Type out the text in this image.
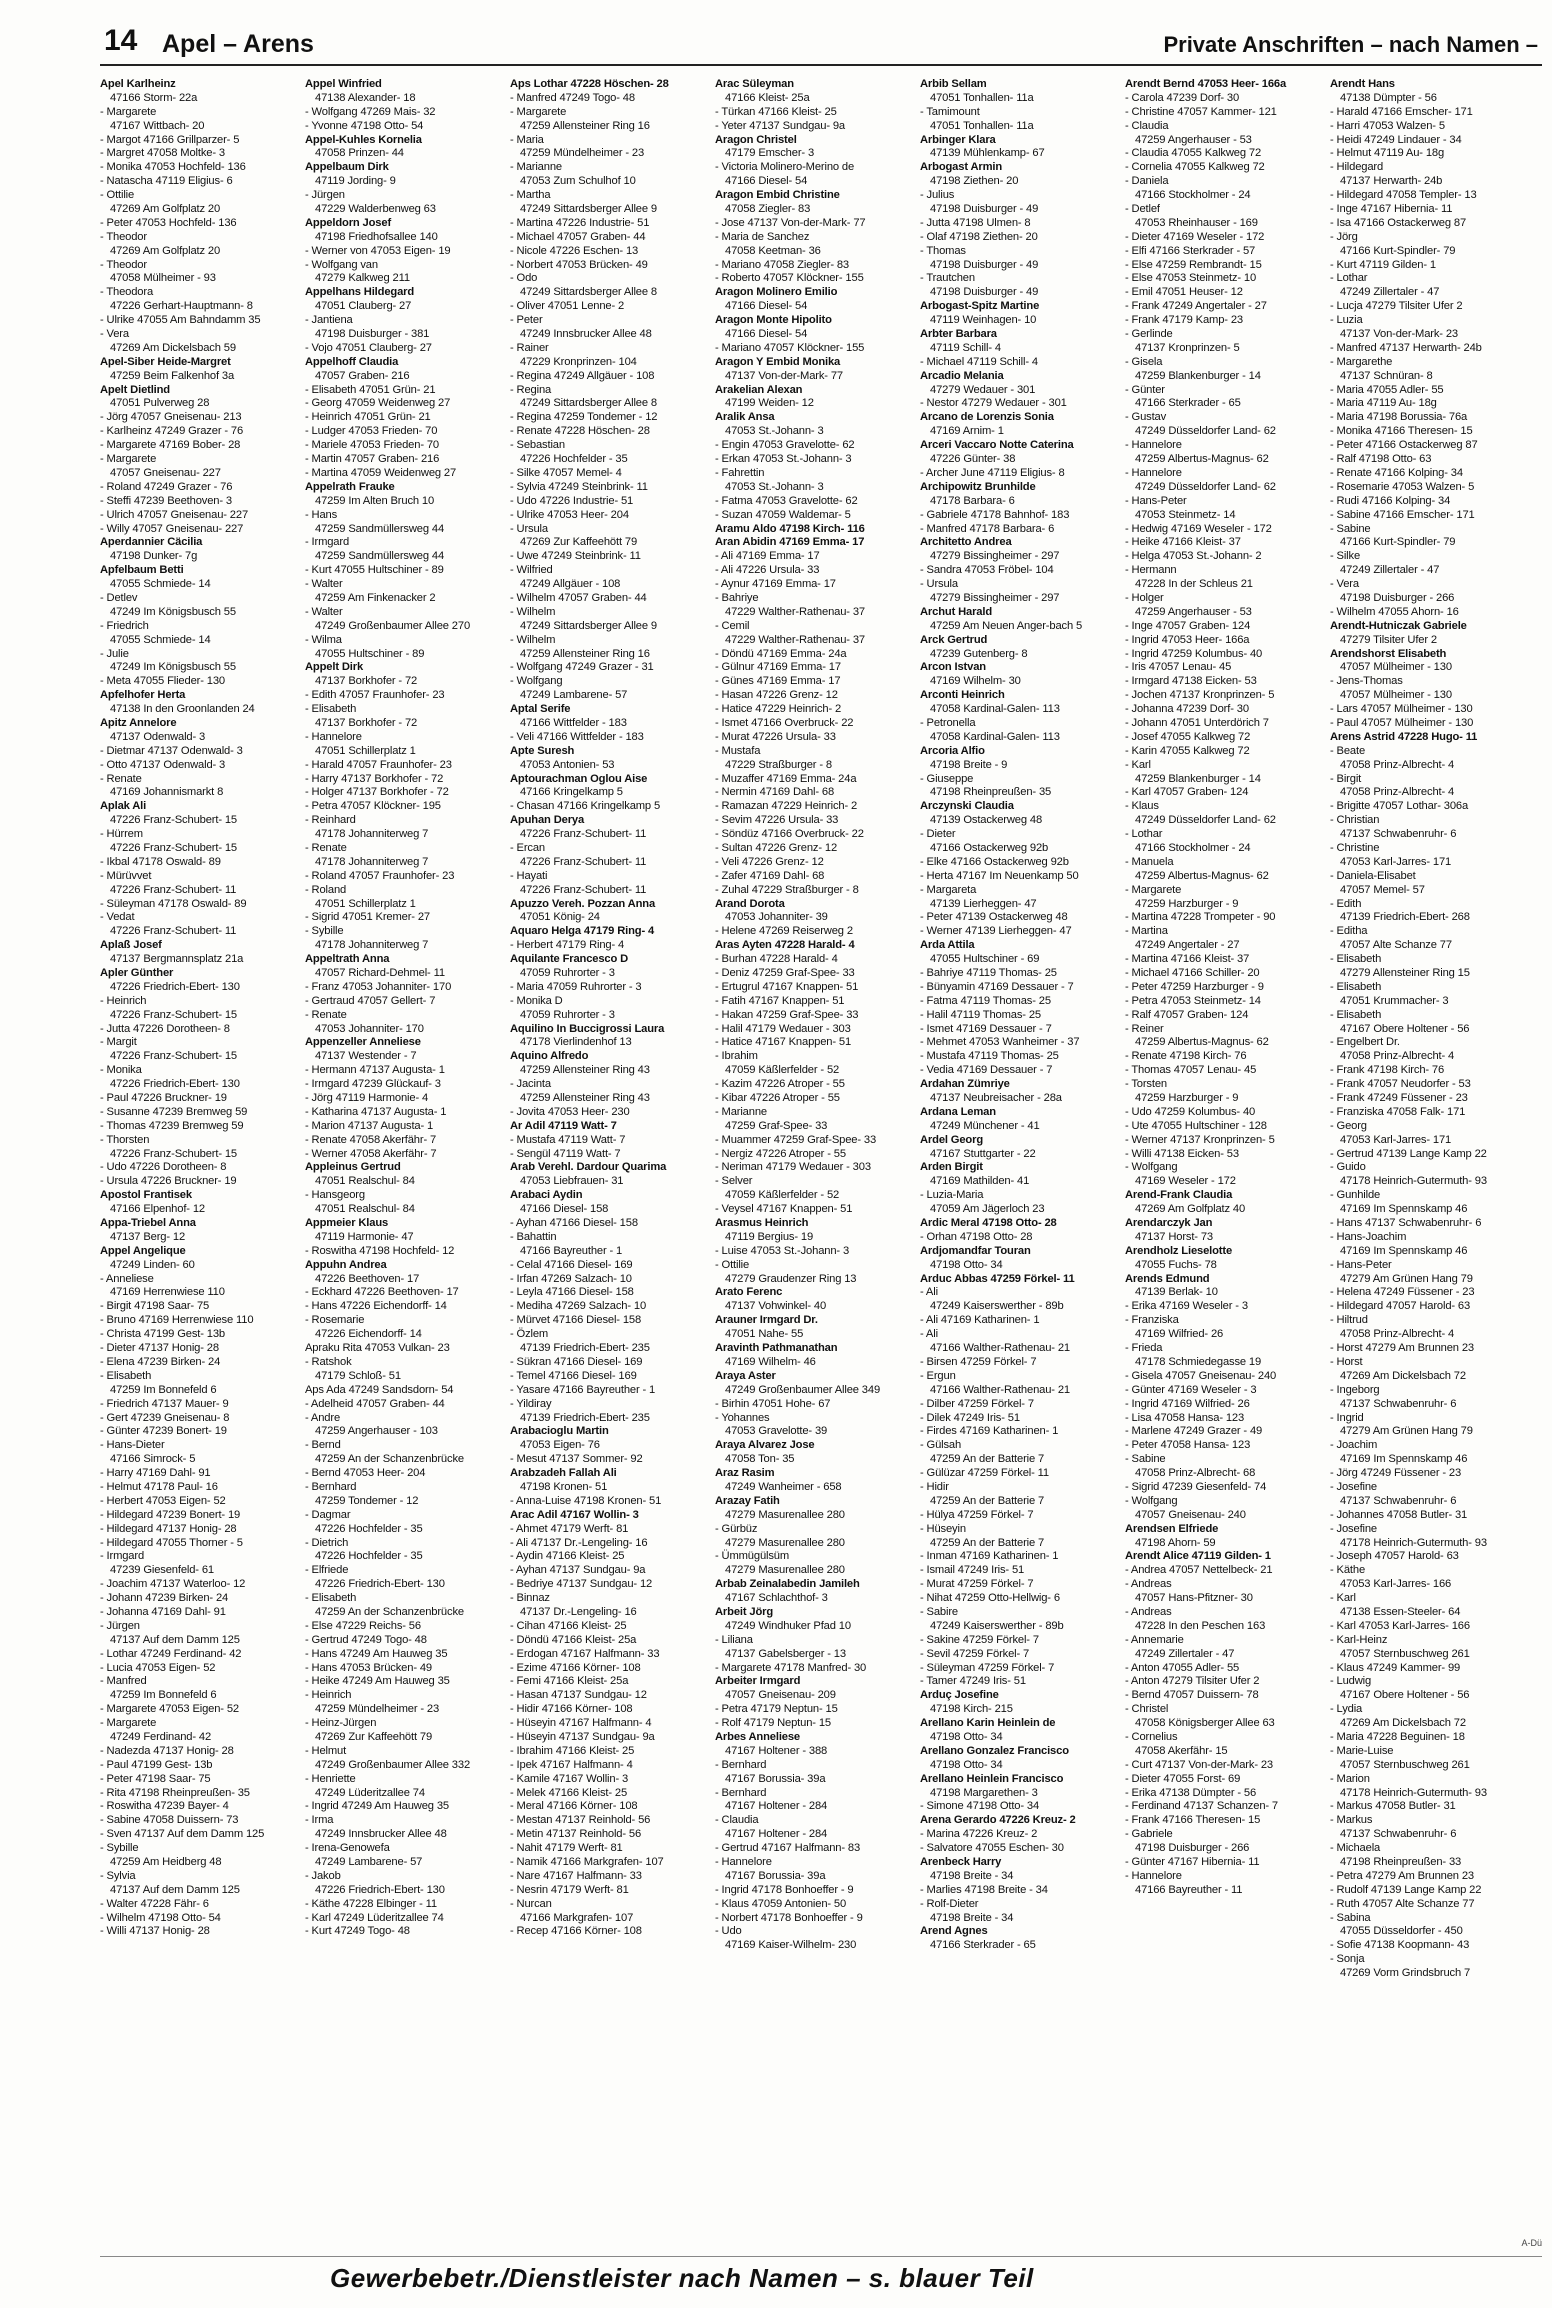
14 Apel – Arens	Private Anschriften – nach Namen –
Apel Karlheinz
47166 Storm- 22a
- Margarete
47167 Wittbach- 20
- Margot 47166 Grillparzer- 5
- Margret 47058 Moltke- 3
- Monika 47053 Hochfeld- 136
- Natascha 47119 Eligius- 6
- Ottilie
47269 Am Golfplatz 20
- Peter 47053 Hochfeld- 136
- Theodor
47269 Am Golfplatz 20
- Theodor
47058 Mülheimer - 93
- Theodora
47226 Gerhart-Hauptmann- 8
- Ulrike 47055 Am Bahndamm 35
- Vera
47269 Am Dickelsbach 59
Apel-Siber Heide-Margret
47259 Beim Falkenhof 3a
Apelt Dietlind
47051 Pulverweg 28
- Jörg 47057 Gneisenau- 213
- Karlheinz 47249 Grazer - 76
- Margarete 47169 Bober- 28
- Margarete
47057 Gneisenau- 227
- Roland 47249 Grazer - 76
- Steffi 47239 Beethoven- 3
- Ulrich 47057 Gneisenau- 227
- Willy 47057 Gneisenau- 227
Aperdannier Cäcilia
47198 Dunker- 7g
Apfelbaum Betti
47055 Schmiede- 14
- Detlev
47249 Im Königsbusch 55
- Friedrich
47055 Schmiede- 14
- Julie
47249 Im Königsbusch 55
- Meta 47055 Flieder- 130
Apfelhofer Herta
47138 In den Groonlanden 24
Apitz Annelore
47137 Odenwald- 3
- Dietmar 47137 Odenwald- 3
- Otto 47137 Odenwald- 3
- Renate
47169 Johannismarkt 8
Aplak Ali
47226 Franz-Schubert- 15
- Hürrem
47226 Franz-Schubert- 15
- Ikbal 47178 Oswald- 89
- Mürüvvet
47226 Franz-Schubert- 11
- Süleyman 47178 Oswald- 89
- Vedat
47226 Franz-Schubert- 11
Aplaß Josef
47137 Bergmannsplatz 21a
Apler Günther
47226 Friedrich-Ebert- 130
- Heinrich
47226 Franz-Schubert- 15
- Jutta 47226 Dorotheen- 8
- Margit
47226 Franz-Schubert- 15
- Monika
47226 Friedrich-Ebert- 130
- Paul 47226 Bruckner- 19
- Susanne 47239 Bremweg 59
- Thomas 47239 Bremweg 59
- Thorsten
47226 Franz-Schubert- 15
- Udo 47226 Dorotheen- 8
- Ursula 47226 Bruckner- 19
Apostol Frantisek
47166 Elpenhof- 12
Appa-Triebel Anna
47137 Berg- 12
Appel Angelique
47249 Linden- 60
- Anneliese
47169 Herrenwiese 110
- Birgit 47198 Saar- 75
- Bruno 47169 Herrenwiese 110
- Christa 47199 Gest- 13b
- Dieter 47137 Honig- 28
- Elena 47239 Birken- 24
- Elisabeth
47259 Im Bonnefeld 6
- Friedrich 47137 Mauer- 9
- Gert 47239 Gneisenau- 8
- Günter 47239 Bonert- 19
- Hans-Dieter
47166 Simrock- 5
- Harry 47169 Dahl- 91
- Helmut 47178 Paul- 16
- Herbert 47053 Eigen- 52
- Hildegard 47239 Bonert- 19
- Hildegard 47137 Honig- 28
- Hildegard 47055 Thorner - 5
- Irmgard
47239 Giesenfeld- 61
- Joachim 47137 Waterloo- 12
- Johann 47239 Birken- 24
- Johanna 47169 Dahl- 91
- Jürgen
47137 Auf dem Damm 125
- Lothar 47249 Ferdinand- 42
- Lucia 47053 Eigen- 52
- Manfred
47259 Im Bonnefeld 6
- Margarete 47053 Eigen- 52
- Margarete
47249 Ferdinand- 42
- Nadezda 47137 Honig- 28
- Paul 47199 Gest- 13b
- Peter 47198 Saar- 75
- Rita 47198 Rheinpreußen- 35
- Roswitha 47239 Bayer- 4
- Sabine 47058 Duissern- 73
- Sven 47137 Auf dem Damm 125
- Sybille
47259 Am Heidberg 48
- Sylvia
47137 Auf dem Damm 125
- Walter 47228 Fähr- 6
- Wilhelm 47198 Otto- 54
- Willi 47137 Honig- 28
Appel Winfried
47138 Alexander- 18
- Wolfgang 47269 Mais- 32
- Yvonne 47198 Otto- 54
Appel-Kuhles Kornelia
47058 Prinzen- 44
Appelbaum Dirk
47119 Jording- 9
- Jürgen
47229 Walderbenweg 63
Appeldorn Josef
47198 Friedhofsallee 140
- Werner von 47053 Eigen- 19
- Wolfgang van
47279 Kalkweg 211
Appelhans Hildegard
47051 Clauberg- 27
- Jantiena
47198 Duisburger - 381
- Vojo 47051 Clauberg- 27
Appelhoff Claudia
47057 Graben- 216
- Elisabeth 47051 Grün- 21
- Georg 47059 Weidenweg 27
- Heinrich 47051 Grün- 21
- Ludger 47053 Frieden- 70
- Mariele 47053 Frieden- 70
- Martin 47057 Graben- 216
- Martina 47059 Weidenweg 27
Appelrath Frauke
47259 Im Alten Bruch 10
- Hans
47259 Sandmüllersweg 44
- Irmgard
47259 Sandmüllersweg 44
- Kurt 47055 Hultschiner - 89
- Walter
47259 Am Finkenacker 2
- Walter
47249 Großenbaumer Allee 270
- Wilma
47055 Hultschiner - 89
Appelt Dirk
47137 Borkhofer - 72
- Edith 47057 Fraunhofer- 23
- Elisabeth
47137 Borkhofer - 72
- Hannelore
47051 Schillerplatz 1
- Harald 47057 Fraunhofer- 23
- Harry 47137 Borkhofer - 72
- Holger 47137 Borkhofer - 72
- Petra 47057 Klöckner- 195
- Reinhard
47178 Johanniterweg 7
- Renate
47178 Johanniterweg 7
- Roland 47057 Fraunhofer- 23
- Roland
47051 Schillerplatz 1
- Sigrid 47051 Kremer- 27
- Sybille
47178 Johanniterweg 7
Appeltrath Anna
47057 Richard-Dehmel- 11
- Franz 47053 Johanniter- 170
- Gertraud 47057 Gellert- 7
- Renate
47053 Johanniter- 170
Appenzeller Anneliese
47137 Westender - 7
- Hermann 47137 Augusta- 1
- Irmgard 47239 Glückauf- 3
- Jörg 47119 Harmonie- 4
- Katharina 47137 Augusta- 1
- Marion 47137 Augusta- 1
- Renate 47058 Akerfähr- 7
- Werner 47058 Akerfähr- 7
Appleinus Gertrud
47051 Realschul- 84
- Hansgeorg
47051 Realschul- 84
Appmeier Klaus
47119 Harmonie- 47
- Roswitha 47198 Hochfeld- 12
Appuhn Andrea
47226 Beethoven- 17
- Eckhard 47226 Beethoven- 17
- Hans 47226 Eichendorff- 14
- Rosemarie
47226 Eichendorff- 14
Apraku Rita 47053 Vulkan- 23
- Ratshok
47179 Schloß- 51
Aps Ada 47249 Sandsdorn- 54
- Adelheid 47057 Graben- 44
- Andre
47259 Angerhauser - 103
- Bernd
47259 An der Schanzenbrücke
- Bernd 47053 Heer- 204
- Bernhard
47259 Tondemer - 12
- Dagmar
47226 Hochfelder - 35
- Dietrich
47226 Hochfelder - 35
- Elfriede
47226 Friedrich-Ebert- 130
- Elisabeth
47259 An der Schanzenbrücke
- Else 47229 Reichs- 56
- Gertrud 47249 Togo- 48
- Hans 47249 Am Hauweg 35
- Hans 47053 Brücken- 49
- Heike 47249 Am Hauweg 35
- Heinrich
47259 Mündelheimer - 23
- Heinz-Jürgen
47269 Zur Kaffeehött 79
- Helmut
47249 Großenbaumer Allee 332
- Henriette
47249 Lüderitzallee 74
- Ingrid 47249 Am Hauweg 35
- Irma
47249 Innsbrucker Allee 48
- Irena-Genowefa
47249 Lambarene- 57
- Jakob
47226 Friedrich-Ebert- 130
- Käthe 47228 Elbinger - 11
- Karl 47249 Lüderitzallee 74
- Kurt 47249 Togo- 48
Aps Lothar 47228 Höschen- 28
- Manfred 47249 Togo- 48
- Margarete
47259 Allensteiner Ring 16
- Maria
47259 Mündelheimer - 23
- Marianne
47053 Zum Schulhof 10
- Martha
47249 Sittardsberger Allee 9
- Martina 47226 Industrie- 51
- Michael 47057 Graben- 44
- Nicole 47226 Eschen- 13
- Norbert 47053 Brücken- 49
- Odo
47249 Sittardsberger Allee 8
- Oliver 47051 Lenne- 2
- Peter
47249 Innsbrucker Allee 48
- Rainer
47229 Kronprinzen- 104
- Regina 47249 Allgäuer - 108
- Regina
47249 Sittardsberger Allee 8
- Regina 47259 Tondemer - 12
- Renate 47228 Höschen- 28
- Sebastian
47226 Hochfelder - 35
- Silke 47057 Memel- 4
- Sylvia 47249 Steinbrink- 11
- Udo 47226 Industrie- 51
- Ulrike 47053 Heer- 204
- Ursula
47269 Zur Kaffeehött 79
- Uwe 47249 Steinbrink- 11
- Wilfried
47249 Allgäuer - 108
- Wilhelm 47057 Graben- 44
- Wilhelm
47249 Sittardsberger Allee 9
- Wilhelm
47259 Allensteiner Ring 16
- Wolfgang 47249 Grazer - 31
- Wolfgang
47249 Lambarene- 57
Aptal Serife
47166 Wittfelder - 183
- Veli 47166 Wittfelder - 183
Apte Suresh
47053 Antonien- 53
Aptourachman Oglou Aise
47166 Kringelkamp 5
- Chasan 47166 Kringelkamp 5
Apuhan Derya
47226 Franz-Schubert- 11
- Ercan
47226 Franz-Schubert- 11
- Hayati
47226 Franz-Schubert- 11
Apuzzo Vereh. Pozzan Anna
47051 König- 24
Aquaro Helga 47179 Ring- 4
- Herbert 47179 Ring- 4
Aquilante Francesco D
47059 Ruhrorter - 3
- Maria 47059 Ruhrorter - 3
- Monika D
47059 Ruhrorter - 3
Aquilino In Buccigrossi Laura
47178 Vierlindenhof 13
Aquino Alfredo
47259 Allensteiner Ring 43
- Jacinta
47259 Allensteiner Ring 43
- Jovita 47053 Heer- 230
Ar Adil 47119 Watt- 7
- Mustafa 47119 Watt- 7
- Sengül 47119 Watt- 7
Arab Verehl. Dardour Quarima
47053 Liebfrauen- 31
Arabaci Aydin
47166 Diesel- 158
- Ayhan 47166 Diesel- 158
- Bahattin
47166 Bayreuther - 1
- Celal 47166 Diesel- 169
- Irfan 47269 Salzach- 10
- Leyla 47166 Diesel- 158
- Mediha 47269 Salzach- 10
- Mürvet 47166 Diesel- 158
- Özlem
47139 Friedrich-Ebert- 235
- Sükran 47166 Diesel- 169
- Temel 47166 Diesel- 169
- Yasare 47166 Bayreuther - 1
- Yildiray
47139 Friedrich-Ebert- 235
Arabacioglu Martin
47053 Eigen- 76
- Mesut 47137 Sommer- 92
Arabzadeh Fallah Ali
47198 Kronen- 51
- Anna-Luise 47198 Kronen- 51
Arac Adil 47167 Wollin- 3
- Ahmet 47179 Werft- 81
- Ali 47137 Dr.-Lengeling- 16
- Aydin 47166 Kleist- 25
- Ayhan 47137 Sundgau- 9a
- Bedriye 47137 Sundgau- 12
- Binnaz
47137 Dr.-Lengeling- 16
- Cihan 47166 Kleist- 25
- Döndü 47166 Kleist- 25a
- Erdogan 47167 Halfmann- 33
- Ezime 47166 Körner- 108
- Femi 47166 Kleist- 25a
- Hasan 47137 Sundgau- 12
- Hidir 47166 Körner- 108
- Hüseyin 47167 Halfmann- 4
- Hüseyin 47137 Sundgau- 9a
- Ibrahim 47166 Kleist- 25
- Ipek 47167 Halfmann- 4
- Kamile 47167 Wollin- 3
- Melek 47166 Kleist- 25
- Meral 47166 Körner- 108
- Mestan 47137 Reinhold- 56
- Metin 47137 Reinhold- 56
- Nahit 47179 Werft- 81
- Namik 47166 Markgrafen- 107
- Nare 47167 Halfmann- 33
- Nesrin 47179 Werft- 81
- Nurcan
47166 Markgrafen- 107
- Recep 47166 Körner- 108
Arac Süleyman
47166 Kleist- 25a
- Türkan 47166 Kleist- 25
- Yeter 47137 Sundgau- 9a
Aragon Christel
47179 Emscher- 3
- Victoria Molinero-Merino de
47166 Diesel- 54
Aragon Embid Christine
47058 Ziegler- 83
- Jose 47137 Von-der-Mark- 77
- Maria de Sanchez
47058 Keetman- 36
- Mariano 47058 Ziegler- 83
- Roberto 47057 Klöckner- 155
Aragon Molinero Emilio
47166 Diesel- 54
Aragon Monte Hipolito
47166 Diesel- 54
- Mariano 47057 Klöckner- 155
Aragon Y Embid Monika
47137 Von-der-Mark- 77
Arakelian Alexan
47199 Weiden- 12
Aralik Ansa
47053 St.-Johann- 3
- Engin 47053 Gravelotte- 62
- Erkan 47053 St.-Johann- 3
- Fahrettin
47053 St.-Johann- 3
- Fatma 47053 Gravelotte- 62
- Suzan 47059 Waldemar- 5
Aramu Aldo 47198 Kirch- 116
Aran Abidin 47169 Emma- 17
- Ali 47169 Emma- 17
- Ali 47226 Ursula- 33
- Aynur 47169 Emma- 17
- Bahriye
47229 Walther-Rathenau- 37
- Cemil
47229 Walther-Rathenau- 37
- Döndü 47169 Emma- 24a
- Gülnur 47169 Emma- 17
- Günes 47169 Emma- 17
- Hasan 47226 Grenz- 12
- Hatice 47229 Heinrich- 2
- Ismet 47166 Overbruck- 22
- Murat 47226 Ursula- 33
- Mustafa
47229 Straßburger - 8
- Muzaffer 47169 Emma- 24a
- Nermin 47169 Dahl- 68
- Ramazan 47229 Heinrich- 2
- Sevim 47226 Ursula- 33
- Söndüz 47166 Overbruck- 22
- Sultan 47226 Grenz- 12
- Veli 47226 Grenz- 12
- Zafer 47169 Dahl- 68
- Zuhal 47229 Straßburger - 8
Arand Dorota
47053 Johanniter- 39
- Helene 47269 Reiserweg 2
Aras Ayten 47228 Harald- 4
- Burhan 47228 Harald- 4
- Deniz 47259 Graf-Spee- 33
- Ertugrul 47167 Knappen- 51
- Fatih 47167 Knappen- 51
- Hakan 47259 Graf-Spee- 33
- Halil 47179 Wedauer - 303
- Hatice 47167 Knappen- 51
- Ibrahim
47059 Käßlerfelder - 52
- Kazim 47226 Atroper - 55
- Kibar 47226 Atroper - 55
- Marianne
47259 Graf-Spee- 33
- Muammer 47259 Graf-Spee- 33
- Nergiz 47226 Atroper - 55
- Neriman 47179 Wedauer - 303
- Selver
47059 Käßlerfelder - 52
- Veysel 47167 Knappen- 51
Arasmus Heinrich
47119 Bergius- 19
- Luise 47053 St.-Johann- 3
- Ottilie
47279 Graudenzer Ring 13
Arato Ferenc
47137 Vohwinkel- 40
Arauner Irmgard Dr.
47051 Nahe- 55
Aravinth Pathmanathan
47169 Wilhelm- 46
Araya Aster
47249 Großenbaumer Allee 349
- Birhin 47051 Hohe- 67
- Yohannes
47053 Gravelotte- 39
Araya Alvarez Jose
47058 Ton- 35
Araz Rasim
47249 Wanheimer - 658
Arazay Fatih
47279 Masurenallee 280
- Gürbüz
47279 Masurenallee 280
- Ümmügülsüm
47279 Masurenallee 280
Arbab Zeinalabedin Jamileh
47167 Schlachthof- 3
Arbeit Jörg
47249 Windhuker Pfad 10
- Liliana
47137 Gabelsberger - 13
- Margarete 47178 Manfred- 30
Arbeiter Irmgard
47057 Gneisenau- 209
- Petra 47179 Neptun- 15
- Rolf 47179 Neptun- 15
Arbes Anneliese
47167 Holtener - 388
- Bernhard
47167 Borussia- 39a
- Bernhard
47167 Holtener - 284
- Claudia
47167 Holtener - 284
- Gertrud 47167 Halfmann- 83
- Hannelore
47167 Borussia- 39a
- Ingrid 47178 Bonhoeffer - 9
- Klaus 47059 Antonien- 50
- Norbert 47178 Bonhoeffer - 9
- Udo
47169 Kaiser-Wilhelm- 230
Arbib Sellam
47051 Tonhallen- 11a
- Tamimount
47051 Tonhallen- 11a
Arbinger Klara
47139 Mühlenkamp- 67
Arbogast Armin
47198 Ziethen- 20
- Julius
47198 Duisburger - 49
- Jutta 47198 Ulmen- 8
- Olaf 47198 Ziethen- 20
- Thomas
47198 Duisburger - 49
- Trautchen
47198 Duisburger - 49
Arbogast-Spitz Martine
47119 Weinhagen- 10
Arbter Barbara
47119 Schill- 4
- Michael 47119 Schill- 4
Arcadio Melania
47279 Wedauer - 301
- Nestor 47279 Wedauer - 301
Arcano de Lorenzis Sonia
47169 Arnim- 1
Arceri Vaccaro Notte Caterina
47226 Günter- 38
- Archer June 47119 Eligius- 8
Archipowitz Brunhilde
47178 Barbara- 6
- Gabriele 47178 Bahnhof- 183
- Manfred 47178 Barbara- 6
Architetto Andrea
47279 Bissingheimer - 297
- Sandra 47053 Fröbel- 104
- Ursula
47279 Bissingheimer - 297
Archut Harald
47259 Am Neuen Anger-bach 5
Arck Gertrud
47239 Gutenberg- 8
Arcon Istvan
47169 Wilhelm- 30
Arconti Heinrich
47058 Kardinal-Galen- 113
- Petronella
47058 Kardinal-Galen- 113
Arcoria Alfio
47198 Breite - 9
- Giuseppe
47198 Rheinpreußen- 35
Arczynski Claudia
47139 Ostackerweg 48
- Dieter
47166 Ostackerweg 92b
- Elke 47166 Ostackerweg 92b
- Herta 47167 Im Neuenkamp 50
- Margareta
47139 Lierheggen- 47
- Peter 47139 Ostackerweg 48
- Werner 47139 Lierheggen- 47
Arda Attila
47055 Hultschiner - 69
- Bahriye 47119 Thomas- 25
- Bünyamin 47169 Dessauer - 7
- Fatma 47119 Thomas- 25
- Halil 47119 Thomas- 25
- Ismet 47169 Dessauer - 7
- Mehmet 47053 Wanheimer - 37
- Mustafa 47119 Thomas- 25
- Vedia 47169 Dessauer - 7
Ardahan Zümriye
47137 Neubreisacher - 28a
Ardana Leman
47249 Münchener - 41
Ardel Georg
47167 Stuttgarter - 22
Arden Birgit
47169 Mathilden- 41
- Luzia-Maria
47059 Am Jägerloch 23
Ardic Meral 47198 Otto- 28
- Orhan 47198 Otto- 28
Ardjomandfar Touran
47198 Otto- 34
Arduc Abbas 47259 Förkel- 11
- Ali
47249 Kaiserswerther - 89b
- Ali 47169 Katharinen- 1
- Ali
47166 Walther-Rathenau- 21
- Birsen 47259 Förkel- 7
- Ergun
47166 Walther-Rathenau- 21
- Dilber 47259 Förkel- 7
- Dilek 47249 Iris- 51
- Firdes 47169 Katharinen- 1
- Gülsah
47259 An der Batterie 7
- Gülüzar 47259 Förkel- 11
- Hidir
47259 An der Batterie 7
- Hülya 47259 Förkel- 7
- Hüseyin
47259 An der Batterie 7
- Inman 47169 Katharinen- 1
- Ismail 47249 Iris- 51
- Murat 47259 Förkel- 7
- Nihat 47259 Otto-Hellwig- 6
- Sabire
47249 Kaiserswerther - 89b
- Sakine 47259 Förkel- 7
- Sevil 47259 Förkel- 7
- Süleyman 47259 Förkel- 7
- Tamer 47249 Iris- 51
Arduç Josefine
47198 Kirch- 215
Arellano Karin Heinlein de
47198 Otto- 34
Arellano Gonzalez Francisco
47198 Otto- 34
Arellano Heinlein Francisco
47198 Margarethen- 3
- Simone 47198 Otto- 34
Arena Gerardo 47226 Kreuz- 2
- Marina 47226 Kreuz- 2
- Salvatore 47055 Eschen- 30
Arenbeck Harry
47198 Breite - 34
- Marlies 47198 Breite - 34
- Rolf-Dieter
47198 Breite - 34
Arend Agnes
47166 Sterkrader - 65
Arendt Bernd 47053 Heer- 166a
- Carola 47239 Dorf- 30
- Christine 47057 Kammer- 121
- Claudia
47259 Angerhauser - 53
- Claudia 47055 Kalkweg 72
- Cornelia 47055 Kalkweg 72
- Daniela
47166 Stockholmer - 24
- Detlef
47053 Rheinhauser - 169
- Dieter 47169 Weseler - 172
- Elfi 47166 Sterkrader - 57
- Else 47259 Rembrandt- 15
- Else 47053 Steinmetz- 10
- Emil 47051 Heuser- 12
- Frank 47249 Angertaler - 27
- Frank 47179 Kamp- 23
- Gerlinde
47137 Kronprinzen- 5
- Gisela
47259 Blankenburger - 14
- Günter
47166 Sterkrader - 65
- Gustav
47249 Düsseldorfer Land- 62
- Hannelore
47259 Albertus-Magnus- 62
- Hannelore
47249 Düsseldorfer Land- 62
- Hans-Peter
47053 Steinmetz- 14
- Hedwig 47169 Weseler - 172
- Heike 47166 Kleist- 37
- Helga 47053 St.-Johann- 2
- Hermann
47228 In der Schleus 21
- Holger
47259 Angerhauser - 53
- Inge 47057 Graben- 124
- Ingrid 47053 Heer- 166a
- Ingrid 47259 Kolumbus- 40
- Iris 47057 Lenau- 45
- Irmgard 47138 Eicken- 53
- Jochen 47137 Kronprinzen- 5
- Johanna 47239 Dorf- 30
- Johann 47051 Unterdörich 7
- Josef 47055 Kalkweg 72
- Karin 47055 Kalkweg 72
- Karl
47259 Blankenburger - 14
- Karl 47057 Graben- 124
- Klaus
47249 Düsseldorfer Land- 62
- Lothar
47166 Stockholmer - 24
- Manuela
47259 Albertus-Magnus- 62
- Margarete
47259 Harzburger - 9
- Martina 47228 Trompeter - 90
- Martina
47249 Angertaler - 27
- Martina 47166 Kleist- 37
- Michael 47166 Schiller- 20
- Peter 47259 Harzburger - 9
- Petra 47053 Steinmetz- 14
- Ralf 47057 Graben- 124
- Reiner
47259 Albertus-Magnus- 62
- Renate 47198 Kirch- 76
- Thomas 47057 Lenau- 45
- Torsten
47259 Harzburger - 9
- Udo 47259 Kolumbus- 40
- Ute 47055 Hultschiner - 128
- Werner 47137 Kronprinzen- 5
- Willi 47138 Eicken- 53
- Wolfgang
47169 Weseler - 172
Arend-Frank Claudia
47269 Am Golfplatz 40
Arendarczyk Jan
47137 Horst- 73
Arendholz Lieselotte
47055 Fuchs- 78
Arends Edmund
47139 Berlak- 10
- Erika 47169 Weseler - 3
- Franziska
47169 Wilfried- 26
- Frieda
47178 Schmiedegasse 19
- Gisela 47057 Gneisenau- 240
- Günter 47169 Weseler - 3
- Ingrid 47169 Wilfried- 26
- Lisa 47058 Hansa- 123
- Marlene 47249 Grazer - 49
- Peter 47058 Hansa- 123
- Sabine
47058 Prinz-Albrecht- 68
- Sigrid 47239 Giesenfeld- 74
- Wolfgang
47057 Gneisenau- 240
Arendsen Elfriede
47198 Ahorn- 59
Arendt Alice 47119 Gilden- 1
- Andrea 47057 Nettelbeck- 21
- Andreas
47057 Hans-Pfitzner- 30
- Andreas
47228 In den Peschen 163
- Annemarie
47249 Zillertaler - 47
- Anton 47055 Adler- 55
- Anton 47279 Tilsiter Ufer 2
- Bernd 47057 Duissern- 78
- Christel
47058 Königsberger Allee 63
- Cornelius
47058 Akerfähr- 15
- Curt 47137 Von-der-Mark- 23
- Dieter 47055 Forst- 69
- Erika 47138 Dümpter - 56
- Ferdinand 47137 Schanzen- 7
- Frank 47166 Theresen- 15
- Gabriele
47198 Duisburger - 266
- Günter 47167 Hibernia- 11
- Hannelore
47166 Bayreuther - 11
Arendt Hans
47138 Dümpter - 56
- Harald 47166 Emscher- 171
- Harri 47053 Walzen- 5
- Heidi 47249 Lindauer - 34
- Helmut 47119 Au- 18g
- Hildegard
47137 Herwarth- 24b
- Hildegard 47058 Templer- 13
- Inge 47167 Hibernia- 11
- Isa 47166 Ostackerweg 87
- Jörg
47166 Kurt-Spindler- 79
- Kurt 47119 Gilden- 1
- Lothar
47249 Zillertaler - 47
- Lucja 47279 Tilsiter Ufer 2
- Luzia
47137 Von-der-Mark- 23
- Manfred 47137 Herwarth- 24b
- Margarethe
47137 Schnüran- 8
- Maria 47055 Adler- 55
- Maria 47119 Au- 18g
- Maria 47198 Borussia- 76a
- Monika 47166 Theresen- 15
- Peter 47166 Ostackerweg 87
- Ralf 47198 Otto- 63
- Renate 47166 Kolping- 34
- Rosemarie 47053 Walzen- 5
- Rudi 47166 Kolping- 34
- Sabine 47166 Emscher- 171
- Sabine
47166 Kurt-Spindler- 79
- Silke
47249 Zillertaler - 47
- Vera
47198 Duisburger - 266
- Wilhelm 47055 Ahorn- 16
Arendt-Hutniczak Gabriele
47279 Tilsiter Ufer 2
Arendshorst Elisabeth
47057 Mülheimer - 130
- Jens-Thomas
47057 Mülheimer - 130
- Lars 47057 Mülheimer - 130
- Paul 47057 Mülheimer - 130
Arens Astrid 47228 Hugo- 11
- Beate
47058 Prinz-Albrecht- 4
- Birgit
47058 Prinz-Albrecht- 4
- Brigitte 47057 Lothar- 306a
- Christian
47137 Schwabenruhr- 6
- Christine
47053 Karl-Jarres- 171
- Daniela-Elisabet
47057 Memel- 57
- Edith
47139 Friedrich-Ebert- 268
- Editha
47057 Alte Schanze 77
- Elisabeth
47279 Allensteiner Ring 15
- Elisabeth
47051 Krummacher- 3
- Elisabeth
47167 Obere Holtener - 56
- Engelbert Dr.
47058 Prinz-Albrecht- 4
- Frank 47198 Kirch- 76
- Frank 47057 Neudorfer - 53
- Frank 47249 Füssener - 23
- Franziska 47058 Falk- 171
- Georg
47053 Karl-Jarres- 171
- Gertrud 47139 Lange Kamp 22
- Guido
47178 Heinrich-Gutermuth- 93
- Gunhilde
47169 Im Spennskamp 46
- Hans 47137 Schwabenruhr- 6
- Hans-Joachim
47169 Im Spennskamp 46
- Hans-Peter
47279 Am Grünen Hang 79
- Helena 47249 Füssener - 23
- Hildegard 47057 Harold- 63
- Hiltrud
47058 Prinz-Albrecht- 4
- Horst 47279 Am Brunnen 23
- Horst
47269 Am Dickelsbach 72
- Ingeborg
47137 Schwabenruhr- 6
- Ingrid
47279 Am Grünen Hang 79
- Joachim
47169 Im Spennskamp 46
- Jörg 47249 Füssener - 23
- Josefine
47137 Schwabenruhr- 6
- Johannes 47058 Butler- 31
- Josefine
47178 Heinrich-Gutermuth- 93
- Joseph 47057 Harold- 63
- Käthe
47053 Karl-Jarres- 166
- Karl
47138 Essen-Steeler- 64
- Karl 47053 Karl-Jarres- 166
- Karl-Heinz
47057 Sternbuschweg 261
- Klaus 47249 Kammer- 99
- Ludwig
47167 Obere Holtener - 56
- Lydia
47269 Am Dickelsbach 72
- Maria 47228 Beguinen- 18
- Marie-Luise
47057 Sternbuschweg 261
- Marion
47178 Heinrich-Gutermuth- 93
- Markus 47058 Butler- 31
- Markus
47137 Schwabenruhr- 6
- Michaela
47198 Rheinpreußen- 33
- Petra 47279 Am Brunnen 23
- Rudolf 47139 Lange Kamp 22
- Ruth 47057 Alte Schanze 77
- Sabina
47055 Düsseldorfer - 450
- Sofie 47138 Koopmann- 43
- Sonja
47269 Vorm Grindsbruch 7
Gewerbebetr./Dienstleister nach Namen – s. blauer Teil
A-Dü
